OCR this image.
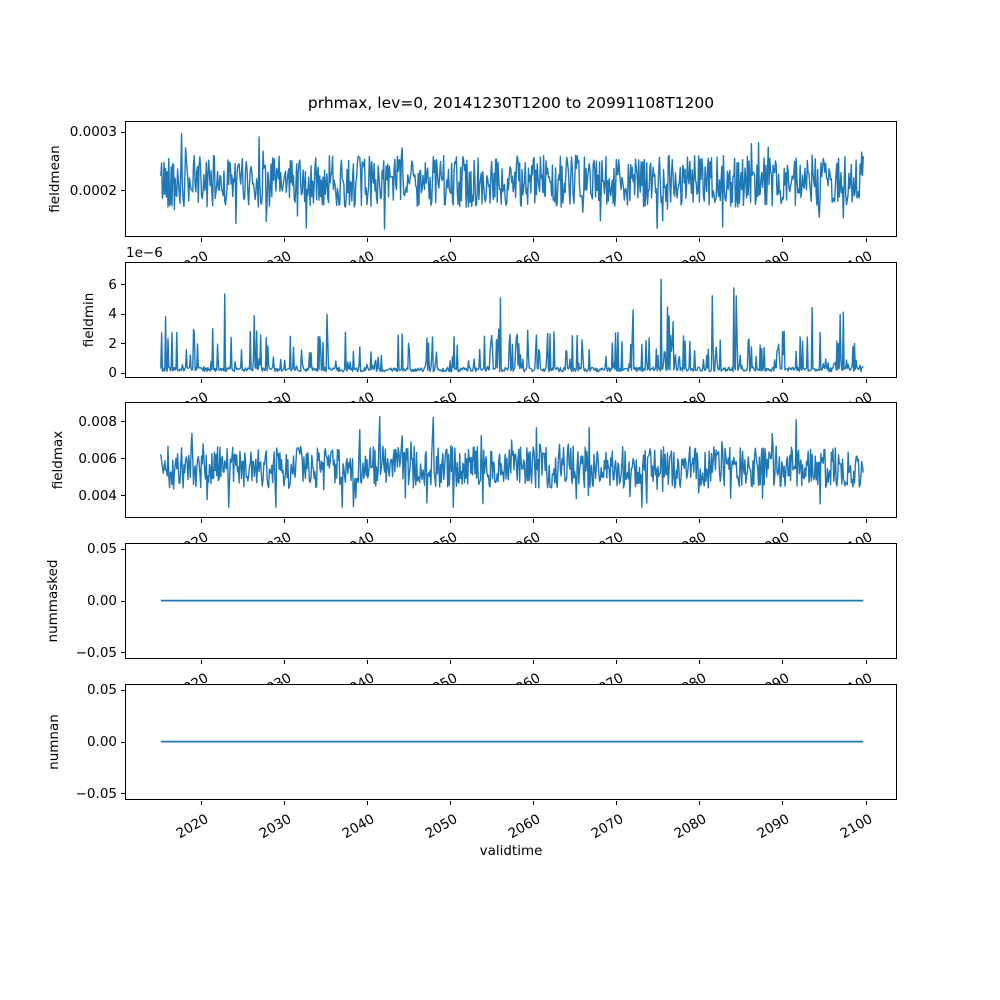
prhmax, lev=0, 20141230T1200 to 20991108T1200
fieldmean 0.0002
0.0003
fieldmin
1e−6
0
2
4
6
fieldmax
0.004
0.006
0.008
nummasked
−0.05
0.00
0.05
numnan
−0.05
0.00
0.05
2020	2030	2040	2050	2060	2070	2080	2090	2100
validtime
